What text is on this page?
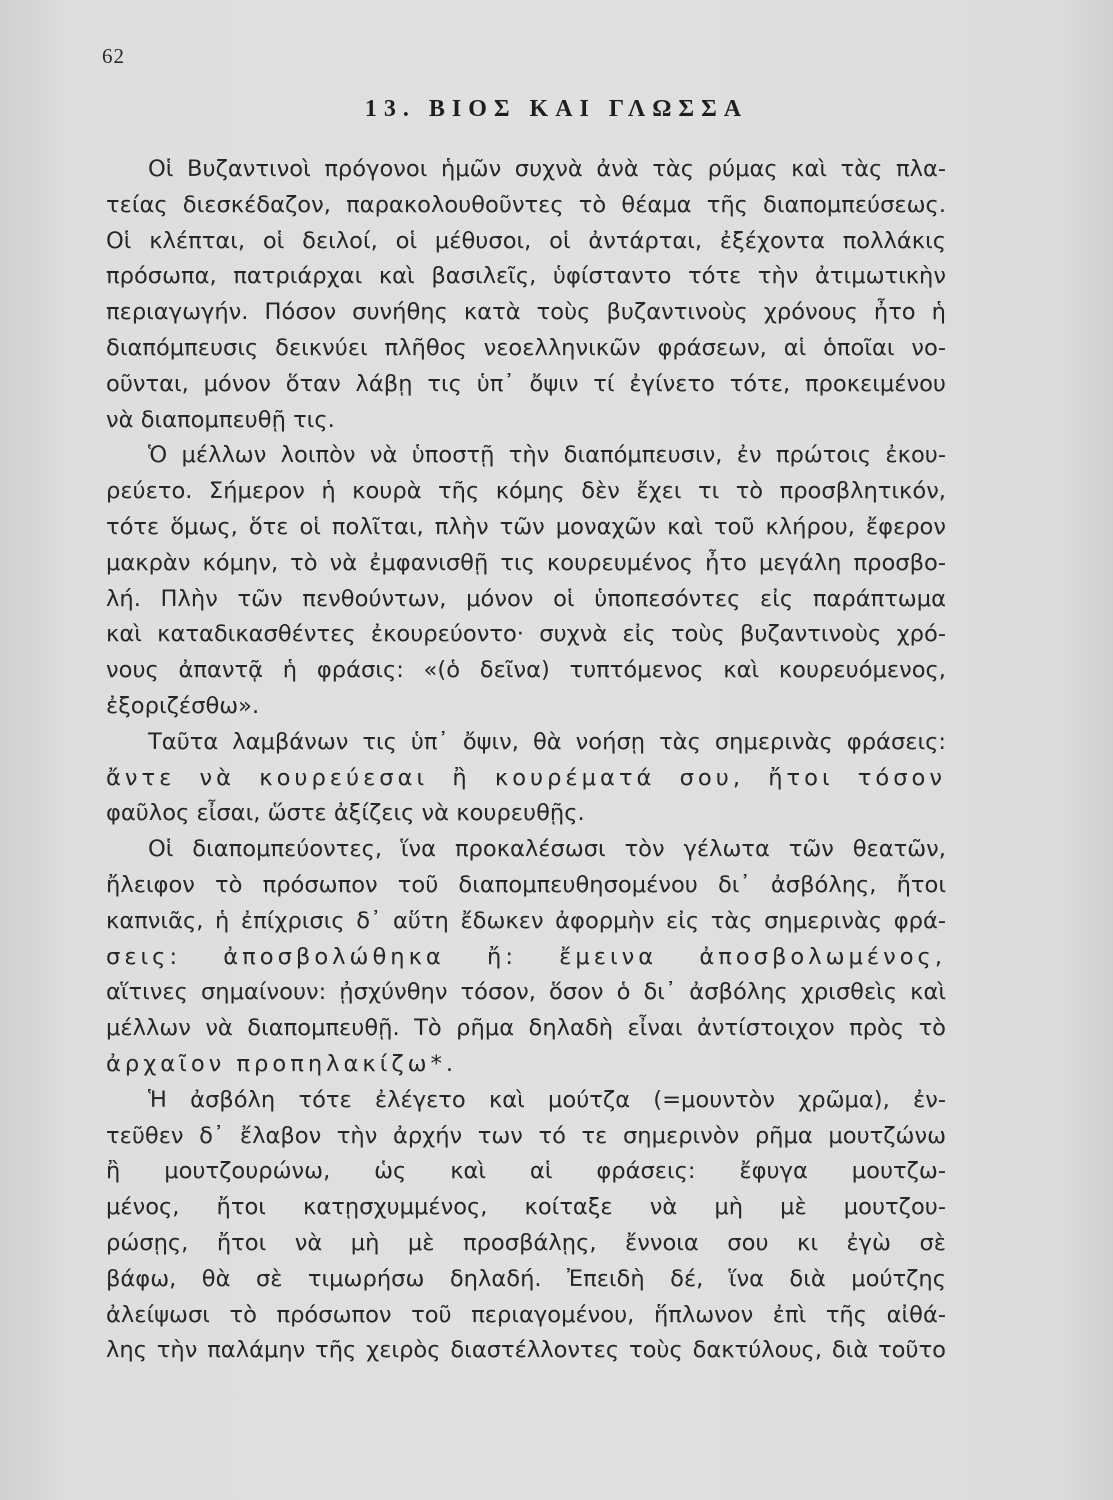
62
13. ΒΙΟΣ ΚΑΙ ΓΛΩΣΣΑ
Οἱ Βυζαντινοὶ πρόγονοι ἡμῶν συχνὰ ἀνὰ τὰς ρύμας καὶ τὰς πλα-
τείας διεσκέδαζον, παρακολουθοῦντες τὸ θέαμα τῆς διαπομπεύσεως.
Οἱ κλέπται, οἱ δειλοί, οἱ μέθυσοι, οἱ ἀντάρται, ἐξέχοντα πολλάκις
πρόσωπα, πατριάρχαι καὶ βασιλεῖς, ὑφίσταντο τότε τὴν ἀτιμωτικὴν
περιαγωγήν. Πόσον συνήθης κατὰ τοὺς βυζαντινοὺς χρόνους ἦτο ἡ
διαπόμπευσις δεικνύει πλῆθος νεοελληνικῶν φράσεων, αἱ ὁποῖαι νο-
οῦνται, μόνον ὅταν λάβῃ τις ὑπ᾽ ὄψιν τί ἐγίνετο τότε, προκειμένου
νὰ διαπομπευθῇ τις.
Ὁ μέλλων λοιπὸν νὰ ὑποστῇ τὴν διαπόμπευσιν, ἐν πρώτοις ἐκου-
ρεύετο. Σήμερον ἡ κουρὰ τῆς κόμης δὲν ἔχει τι τὸ προσβλητικόν,
τότε ὅμως, ὅτε οἱ πολῖται, πλὴν τῶν μοναχῶν καὶ τοῦ κλήρου, ἔφερον
μακρὰν κόμην, τὸ νὰ ἐμφανισθῇ τις κουρευμένος ἦτο μεγάλη προσβο-
λή. Πλὴν τῶν πενθούντων, μόνον οἱ ὑποπεσόντες εἰς παράπτωμα
καὶ καταδικασθέντες ἐκουρεύοντο· συχνὰ εἰς τοὺς βυζαντινοὺς χρό-
νους ἀπαντᾷ ἡ φράσις: «(ὁ δεῖνα) τυπτόμενος καὶ κουρευόμενος,
ἐξοριζέσθω».
Ταῦτα λαμβάνων τις ὑπ᾽ ὄψιν, θὰ νοήσῃ τὰς σημερινὰς φράσεις:
ἄντε νὰ κουρεύεσαι ἢ κουρέματά σου, ἤτοι τόσον
φαῦλος εἶσαι, ὥστε ἀξίζεις νὰ κουρευθῇς.
Οἱ διαπομπεύοντες, ἵνα προκαλέσωσι τὸν γέλωτα τῶν θεατῶν,
ἤλειφον τὸ πρόσωπον τοῦ διαπομπευθησομένου δι᾽ ἀσβόλης, ἤτοι
καπνιᾶς, ἡ ἐπίχρισις δ᾽ αὕτη ἔδωκεν ἀφορμὴν εἰς τὰς σημερινὰς φρά-
σεις: ἀποσβολώθηκα ἤ: ἔμεινα ἀποσβολωμένος,
αἵτινες σημαίνουν: ᾐσχύνθην τόσον, ὅσον ὁ δι᾽ ἀσβόλης χρισθεὶς καὶ
μέλλων νὰ διαπομπευθῇ. Τὸ ρῆμα δηλαδὴ εἶναι ἀντίστοιχον πρὸς τὸ
ἀρχαῖον προπηλακίζω*.
Ἡ ἀσβόλη τότε ἐλέγετο καὶ μούτζα (=μουντὸν χρῶμα), ἐν-
τεῦθεν δ᾽ ἔλαβον τὴν ἀρχήν των τό τε σημερινὸν ρῆμα μουτζώνω
ἢ μουτζουρώνω, ὡς καὶ αἱ φράσεις: ἔφυγα μουτζω-
μένος, ἤτοι κατῃσχυμμένος, κοίταξε νὰ μὴ μὲ μουτζου-
ρώσῃς, ἤτοι νὰ μὴ μὲ προσβάλῃς, ἔννοια σου κι ἐγὼ σὲ
βάφω, θὰ σὲ τιμωρήσω δηλαδή. Ἐπειδὴ δέ, ἵνα διὰ μούτζης
ἀλείψωσι τὸ πρόσωπον τοῦ περιαγομένου, ἥπλωνον ἐπὶ τῆς αἰθά-
λης τὴν παλάμην τῆς χειρὸς διαστέλλοντες τοὺς δακτύλους, διὰ τοῦτο
